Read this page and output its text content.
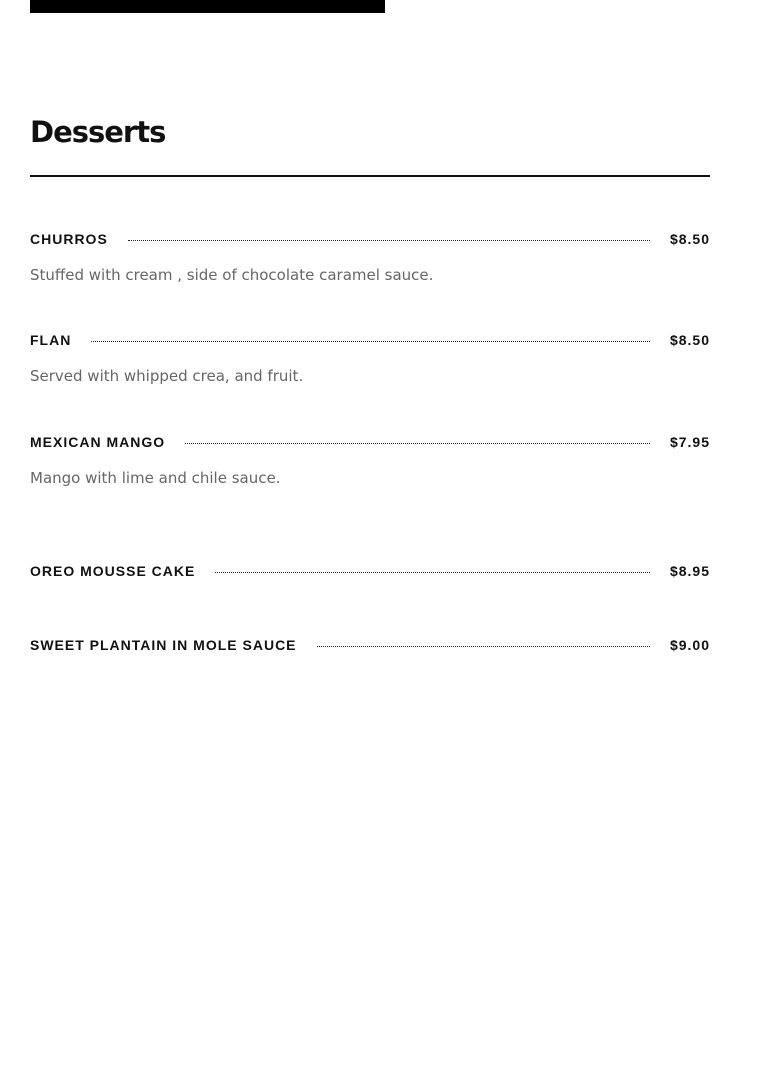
Desserts
CHURROS	$8.50
Stuffed with cream , side of chocolate caramel sauce.
FLAN	$8.50
Served with whipped crea, and fruit.
MEXICAN MANGO	$7.95
Mango with lime and chile sauce.
OREO MOUSSE CAKE	$8.95
SWEET PLANTAIN IN MOLE SAUCE	$9.00
